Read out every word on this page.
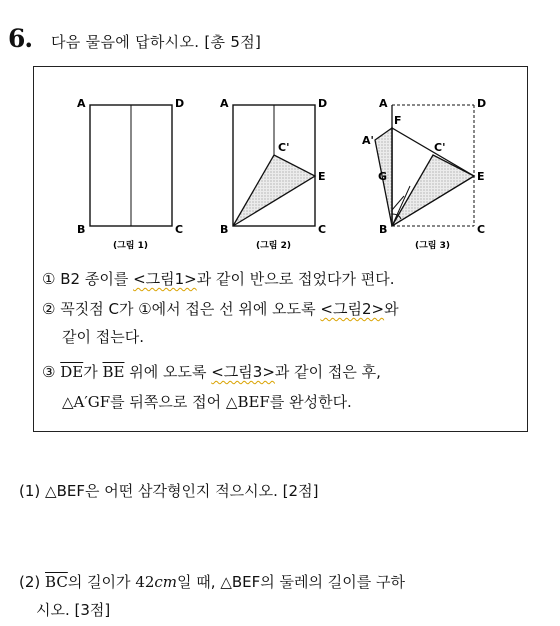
6. 다음 물음에 답하시오. [총 5점]
A	D
B	C
(그림 1)
A	D
B	C
C'
E
(그림 2)
A	D
B	C
A'
F
G
C'
E
(그림 3)
① B2 종이를 <그림1>과 같이 반으로 접었다가 편다.
② 꼭짓점 C가 ①에서 접은 선 위에 오도록 <그림2>와
같이 접는다.
③ $\overline{DE}$가 $\overline{BE}$ 위에 오도록 <그림3>과 같이 접은 후,
△A′GF를 뒤쪽으로 접어 △BEF를 완성한다.
(1) △BEF은 어떤 삼각형인지 적으시오. [2점]
(2) $\overline{BC}$의 길이가 42cm일 때, △BEF의 둘레의 길이를 구하
시오. [3점]
